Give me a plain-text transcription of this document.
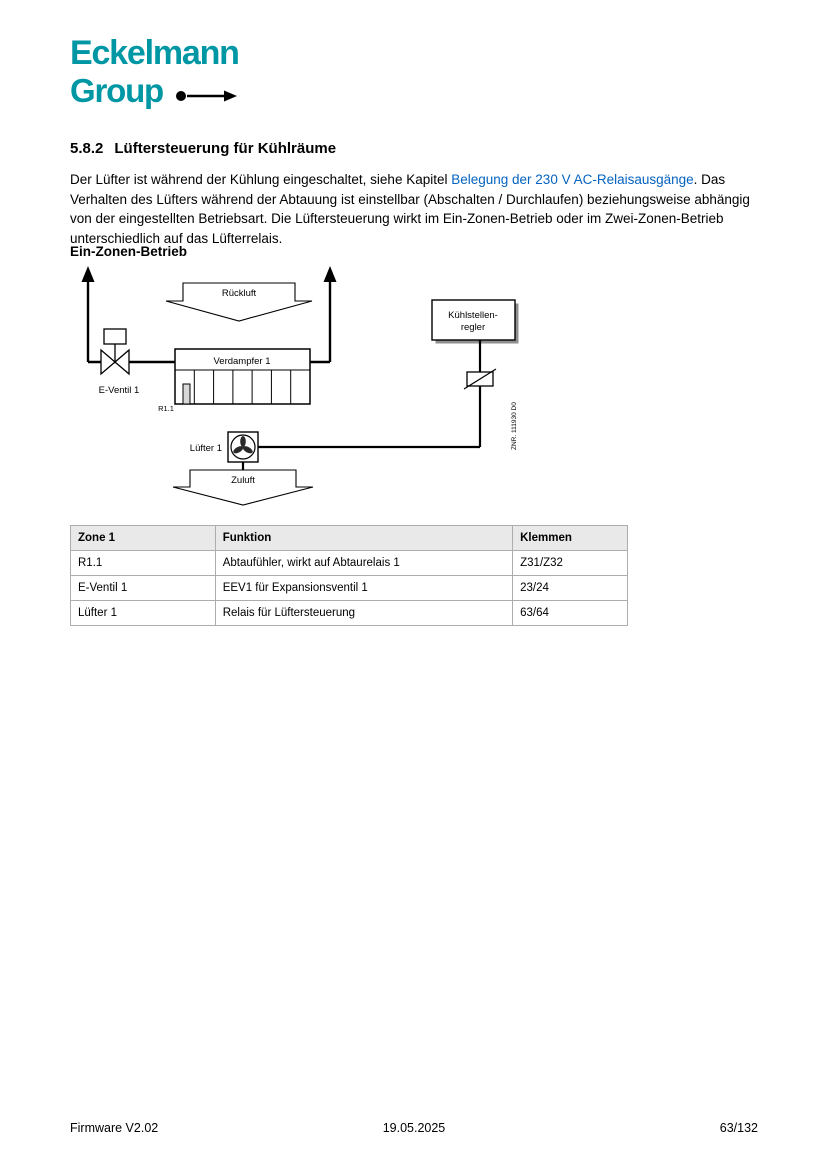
Eckelmann
Group
5.8.2 Lüftersteuerung für Kühlräume
Der Lüfter ist während der Kühlung eingeschaltet, siehe Kapitel Belegung der 230 V AC-Relaisausgänge. Das Verhalten des Lüfters während der Abtauung ist einstellbar (Abschalten / Durchlaufen) beziehungsweise abhängig von der eingestellten Betriebsart. Die Lüftersteuerung wirkt im Ein-Zonen-Betrieb oder im Zwei-Zonen-Betrieb unterschiedlich auf das Lüfterrelais.
Ein-Zonen-Betrieb
E-Ventil 1
Rückluft
Verdampfer 1
R1.1
Kühlstellen-
regler
Lüfter 1
Zuluft
ZNR. 111930 D0
Zone 1	Funktion	Klemmen
R1.1	Abtaufühler, wirkt auf Abtaurelais 1	Z31/Z32
E-Ventil 1	EEV1 für Expansionsventil 1	23/24
Lüfter 1	Relais für Lüftersteuerung	63/64
Firmware V2.02	19.05.2025	63/132
